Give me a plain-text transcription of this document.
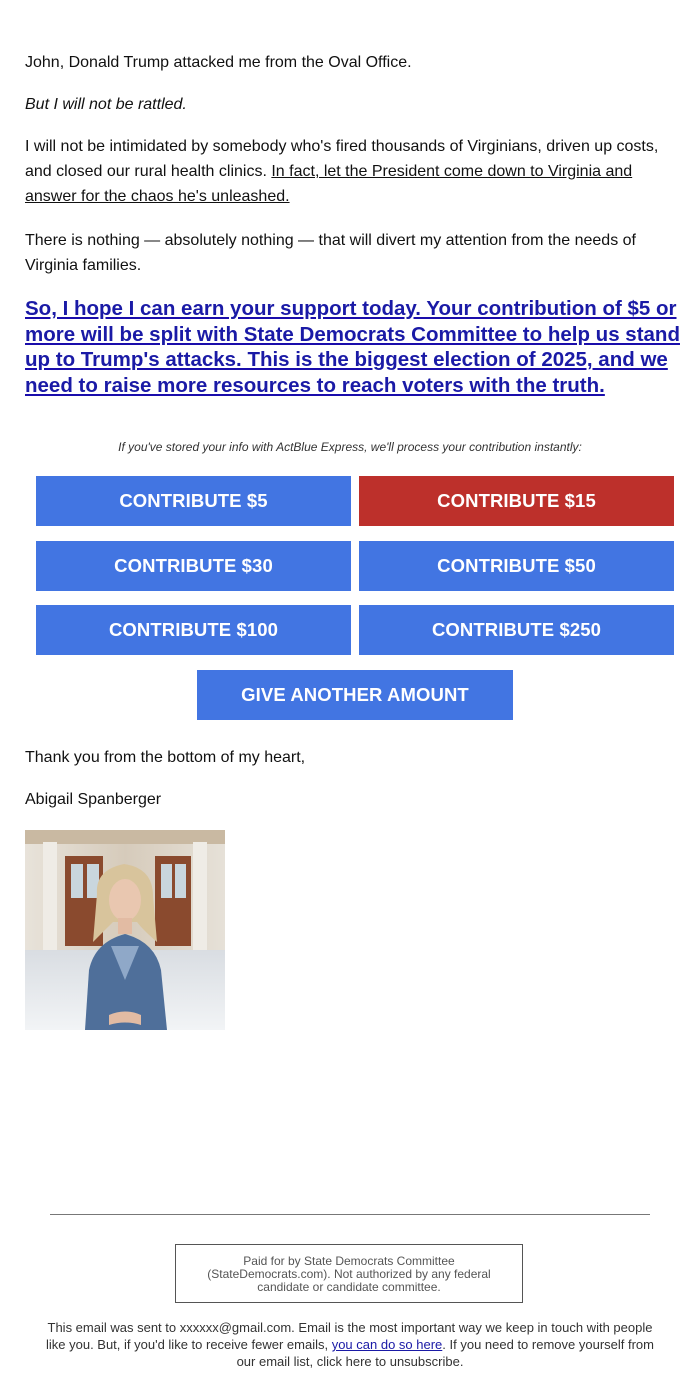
John, Donald Trump attacked me from the Oval Office.

But I will not be rattled.

I will not be intimidated by somebody who's fired thousands of Virginians, driven up costs, and closed our rural health clinics. In fact, let the President come down to Virginia and answer for the chaos he's unleashed.

There is nothing — absolutely nothing — that will divert my attention from the needs of Virginia families.

So, I hope I can earn your support today. Your contribution of $5 or more will be split with State Democrats Committee to help us stand up to Trump's attacks. This is the biggest election of 2025, and we need to raise more resources to reach voters with the truth.

If you've stored your info with ActBlue Express, we'll process your contribution instantly:
CONTRIBUTE $5	CONTRIBUTE $15
CONTRIBUTE $30	CONTRIBUTE $50
CONTRIBUTE $100	CONTRIBUTE $250
GIVE ANOTHER AMOUNT

Thank you from the bottom of my heart,

Abigail Spanberger

Paid for by State Democrats Committee (StateDemocrats.com). Not authorized by any federal candidate or candidate committee.
This email was sent to xxxxxx@gmail.com. Email is the most important way we keep in touch with people like you. But, if you'd like to receive fewer emails, you can do so here. If you need to remove yourself from our email list, click here to unsubscribe.
